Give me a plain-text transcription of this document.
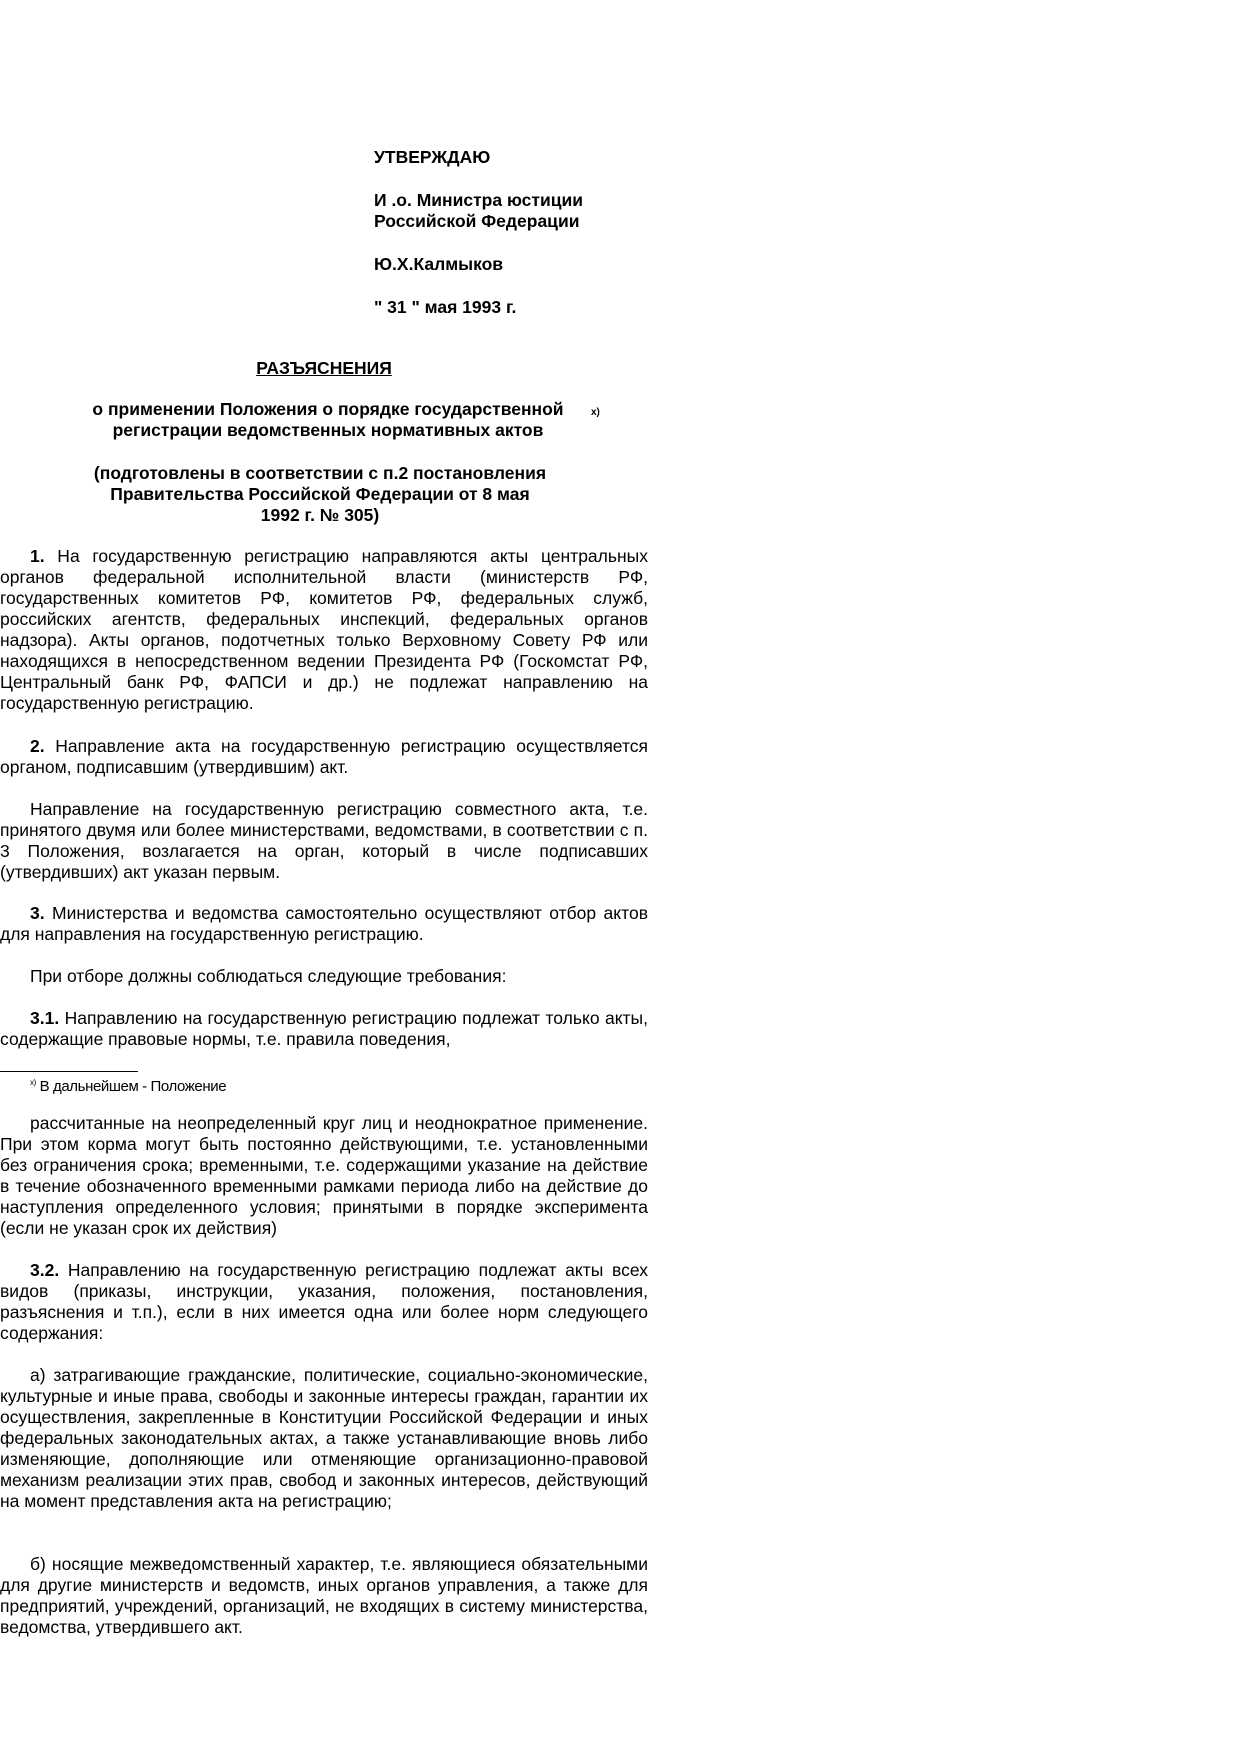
УТВЕРЖДАЮ
И .о. Министра юстиции
Российской Федерации
Ю.Х.Калмыков
" 31 " мая 1993 г.
РАЗЪЯСНЕНИЯ
о применении Положения о порядке государственной
регистрации ведомственных нормативных актов
x)
(подготовлены в соответствии с п.2 постановления
Правительства Российской Федерации от 8 мая
1992 г. № 305)

1. На государственную регистрацию направляются акты центральных органов федеральной исполнительной власти (министерств РФ, государственных комитетов РФ, комитетов РФ, федеральных служб, российских агентств, федеральных инспекций, федеральных органов надзора). Акты органов, подотчетных только Верховному Совету РФ или находящихся в непосредственном ведении Президента РФ (Госкомстат РФ, Центральный банк РФ, ФАПСИ и др.) не подлежат направлению на государственную регистрацию.

2. Направление акта на государственную регистрацию осуществляется органом, подписавшим (утвердившим) акт.

Направление на государственную регистрацию совместного акта, т.е. принятого двумя или более министерствами, ведомствами, в соответствии с п. 3 Положения, возлагается на орган, который в числе подписавших (утвердивших) акт указан первым.

3. Министерства и ведомства самостоятельно осуществляют отбор актов для направления на государственную регистрацию.

При отборе должны соблюдаться следующие требования:

3.1. Направлению на государственную регистрацию подлежат только акты, содержащие правовые нормы, т.е. правила поведения,

$^{x)}$ В дальнейшем - Положение

рассчитанные на неопределенный круг лиц и неоднократное применение. При этом корма могут быть постоянно действующими, т.е. установленными без ограничения срока; временными, т.е. содержащими указание на действие в течение обозначенного временными рамками периода либо на действие до наступления определенного условия; принятыми в порядке эксперимента (если не указан срок их действия)

3.2. Направлению на государственную регистрацию подлежат акты всех видов (приказы, инструкции, указания, положения, постановления, разъяснения и т.п.), если в них имеется одна или более норм следующего содержания:

а) затрагивающие гражданские, политические, социально-экономические, культурные и иные права, свободы и законные интересы граждан, гарантии их осуществления, закрепленные в Конституции Российской Федерации и иных федеральных законодательных актах, а также устанавливающие вновь либо изменяющие, дополняющие или отменяющие организационно-правовой механизм реализации этих прав, свобод и законных интересов, действующий на момент представления акта на регистрацию;

б) носящие межведомственный характер, т.е. являющиеся обязательными для другие министерств и ведомств, иных органов управления, а также для предприятий, учреждений, организаций, не входящих в систему министерства, ведомства, утвердившего акт.
